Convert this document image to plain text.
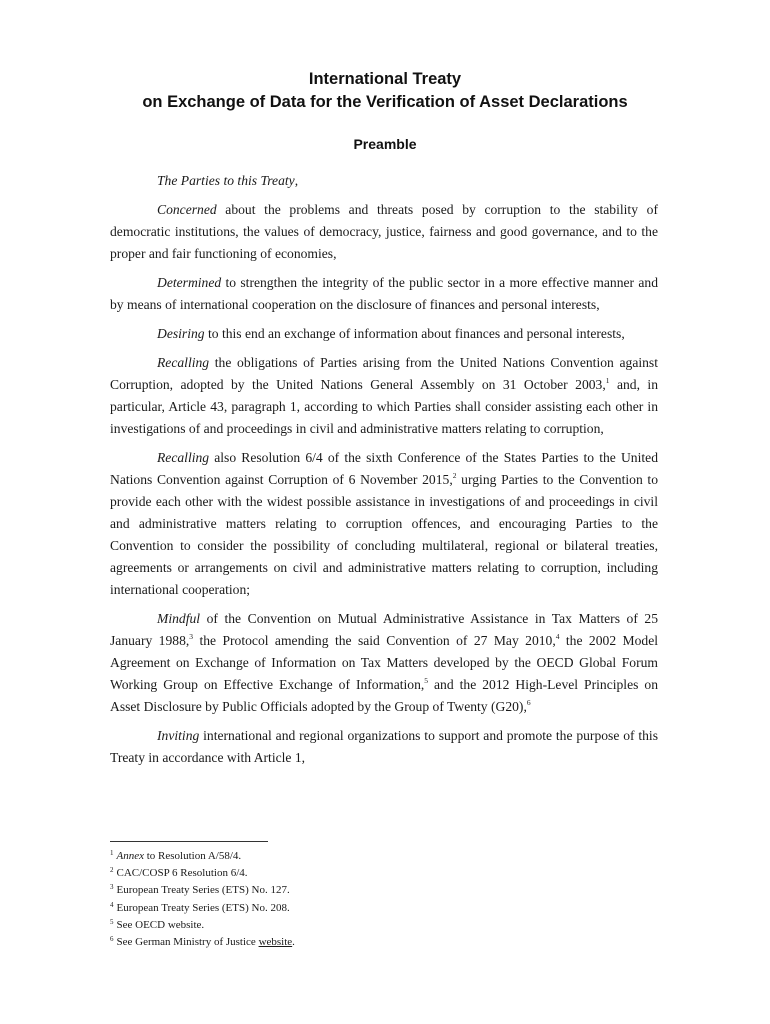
International Treaty
on Exchange of Data for the Verification of Asset Declarations
Preamble

The Parties to this Treaty,

Concerned about the problems and threats posed by corruption to the stability of democratic institutions, the values of democracy, justice, fairness and good governance, and to the proper and fair functioning of economies,

Determined to strengthen the integrity of the public sector in a more effective manner and by means of international cooperation on the disclosure of finances and personal interests,

Desiring to this end an exchange of information about finances and personal interests,

Recalling the obligations of Parties arising from the United Nations Convention against Corruption, adopted by the United Nations General Assembly on 31 October 2003,$^1$ and, in particular, Article 43, paragraph 1, according to which Parties shall consider assisting each other in investigations of and proceedings in civil and administrative matters relating to corruption,

Recalling also Resolution 6/4 of the sixth Conference of the States Parties to the United Nations Convention against Corruption of 6 November 2015,$^2$ urging Parties to the Convention to provide each other with the widest possible assistance in investigations of and proceedings in civil and administrative matters relating to corruption offences, and encouraging Parties to the Convention to consider the possibility of concluding multilateral, regional or bilateral treaties, agreements or arrangements on civil and administrative matters relating to corruption, including international cooperation;

Mindful of the Convention on Mutual Administrative Assistance in Tax Matters of 25 January 1988,$^3$ the Protocol amending the said Convention of 27 May 2010,$^4$ the 2002 Model Agreement on Exchange of Information on Tax Matters developed by the OECD Global Forum Working Group on Effective Exchange of Information,$^5$ and the 2012 High-Level Principles on Asset Disclosure by Public Officials adopted by the Group of Twenty (G20),$^6$

Inviting international and regional organizations to support and promote the purpose of this Treaty in accordance with Article 1,

$^1$ Annex to Resolution A/58/4.
$^2$ CAC/COSP 6 Resolution 6/4.
$^3$ European Treaty Series (ETS) No. 127.
$^4$ European Treaty Series (ETS) No. 208.
$^5$ See OECD website.
$^6$ See German Ministry of Justice website.
